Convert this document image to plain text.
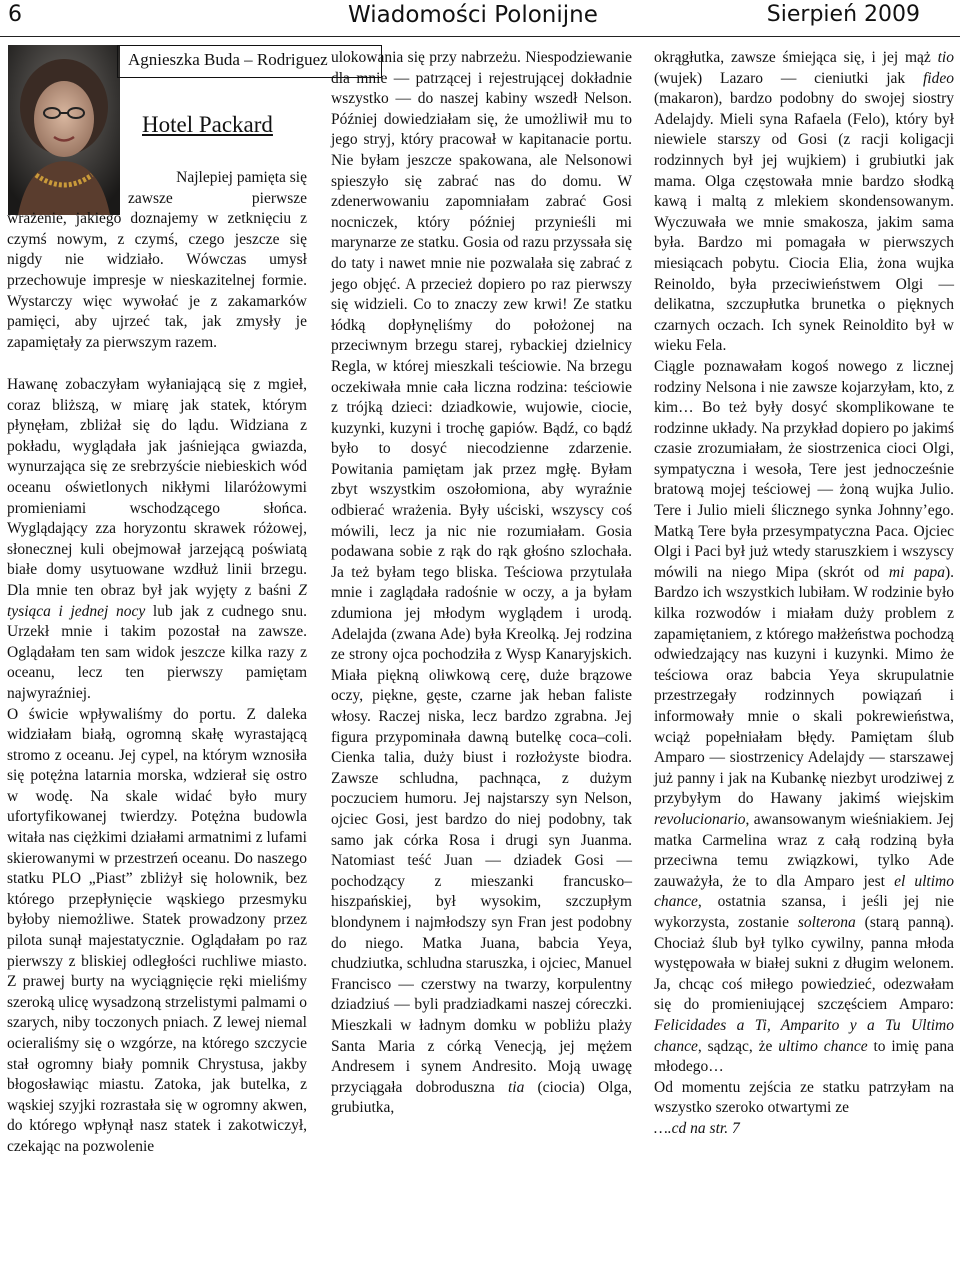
6	Wiadomości Polonijne	Sierpień 2009
Agnieszka Buda – Rodriguez
Hotel Packard
Najlepiej pamięta się
zawsze pierwsze
wrażenie, jakiego doznajemy w zetknięciu z czymś nowym, z czymś, czego jeszcze się nigdy nie widziało. Wówczas umysł przechowuje impresje w nieskazitelnej formie. Wystarczy więc wywołać je z zakamarków pamięci, aby ujrzeć tak, jak zmysły je zapamiętały za pierwszym razem.

Hawanę zobaczyłam wyłaniającą się z mgieł, coraz bliższą, w miarę jak statek, którym płynęłam, zbliżał się do lądu. Widziana z pokładu, wyglądała jak jaśniejąca gwiazda, wynurzająca się ze srebrzyście niebieskich wód oceanu oświetlonych nikłymi lilaróżowymi promieniami wschodzącego słońca. Wyglądający zza horyzontu skrawek różowej, słonecznej kuli obejmował jarzejącą poświatą białe domy usytuowane wzdłuż linii brzegu. Dla mnie ten obraz był jak wyjęty z baśni Z tysiąca i jednej nocy lub jak z cudnego snu. Urzekł mnie i takim pozostał na zawsze. Oglądałam ten sam widok jeszcze kilka razy z oceanu, lecz ten pierwszy pamiętam najwyraźniej.

O świcie wpływaliśmy do portu. Z daleka widziałam białą, ogromną skałę wyrastającą stromo z oceanu. Jej cypel, na którym wznosiła się potężna latarnia morska, wdzierał się ostro w wodę. Na skale widać było mury ufortyfikowanej twierdzy. Potężna budowla witała nas ciężkimi działami armatnimi z lufami skierowanymi w przestrzeń oceanu. Do naszego statku PLO „Piast” zbliżył się holownik, bez którego przepłynięcie wąskiego przesmyku byłoby niemożliwe. Statek prowadzony przez pilota sunął majestatycznie. Oglądałam po raz pierwszy z bliskiej odległości ruchliwe miasto. Z prawej burty na wyciągnięcie ręki mieliśmy szeroką ulicę wysadzoną strzelistymi palmami o szarych, niby toczonych pniach. Z lewej niemal ocieraliśmy się o wzgórze, na którego szczycie stał ogromny biały pomnik Chrystusa, jakby błogosławiąc miastu. Zatoka, jak butelka, z wąskiej szyjki rozrastała się w ogromny akwen, do którego wpłynął nasz statek i zakotwiczył, czekając na pozwolenie

ulokowania się przy nabrzeżu. Niespodziewanie dla mnie — patrzącej i rejestrującej dokładnie wszystko — do naszej kabiny wszedł Nelson. Później dowiedziałam się, że umożliwił mu to jego stryj, który pracował w kapitanacie portu. Nie byłam jeszcze spakowana, ale Nelsonowi spieszyło się zabrać nas do domu. W zdenerwowaniu zapomniałam zabrać Gosi nocniczek, który później przynieśli mi marynarze ze statku. Gosia od razu przyssała się do taty i nawet mnie nie pozwalała się zabrać z jego objęć. A przecież dopiero po raz pierwszy się widzieli. Co to znaczy zew krwi! Ze statku łódką dopłynęliśmy do położonej na przeciwnym brzegu starej, rybackiej dzielnicy Regla, w której mieszkali teściowie. Na brzegu oczekiwała mnie cała liczna rodzina: teściowie z trójką dzieci: dziadkowie, wujowie, ciocie, kuzynki, kuzyni i trochę gapiów. Bądź, co bądź było to dosyć niecodzienne zdarzenie. Powitania pamiętam jak przez mgłę. Byłam zbyt wszystkim oszołomiona, aby wyraźnie odbierać wrażenia. Były uściski, wszyscy coś mówili, lecz ja nic nie rozumiałam. Gosia podawana sobie z rąk do rąk głośno szlochała. Ja też byłam tego bliska. Teściowa przytulała mnie i zaglądała radośnie w oczy, a ja byłam zdumiona jej młodym wyglądem i urodą. Adelajda (zwana Ade) była Kreolką. Jej rodzina ze strony ojca pochodziła z Wysp Kanaryjskich. Miała piękną oliwkową cerę, duże brązowe oczy, piękne, gęste, czarne jak heban faliste włosy. Raczej niska, lecz bardzo zgrabna. Jej figura przypominała dawną butelkę coca–coli. Cienka talia, duży biust i rozłożyste biodra. Zawsze schludna, pachnąca, z dużym poczuciem humoru. Jej najstarszy syn Nelson, ojciec Gosi, jest bardzo do niej podobny, tak samo jak córka Rosa i drugi syn Juanma. Natomiast teść Juan — dziadek Gosi — pochodzący z mieszanki francusko–hiszpańskiej, był wysokim, szczupłym blondynem i najmłodszy syn Fran jest podobny do niego. Matka Juana, babcia Yeya, chudziutka, schludna staruszka, i ojciec, Manuel Francisco — czerstwy na twarzy, korpulentny dziadziuś — byli pradziadkami naszej córeczki. Mieszkali w ładnym domku w pobliżu plaży Santa Maria z córką Venecją, jej mężem Andresem i synem Andresito. Moją uwagę przyciągała dobroduszna tia (ciocia) Olga, grubiutka,

okrągłutka, zawsze śmiejąca się, i jej mąż tio (wujek) Lazaro — cieniutki jak fideo (makaron), bardzo podobny do swojej siostry Adelajdy. Mieli syna Rafaela (Felo), który był niewiele starszy od Gosi (z racji koligacji rodzinnych był jej wujkiem) i grubiutki jak mama. Olga częstowała mnie bardzo słodką kawą i maltą z mlekiem skondensowanym. Wyczuwała we mnie smakosza, jakim sama była. Bardzo mi pomagała w pierwszych miesiącach pobytu. Ciocia Elia, żona wujka Reinoldo, była przeciwieństwem Olgi — delikatna, szczupłutka brunetka o pięknych czarnych oczach. Ich synek Reinoldito był w wieku Fela.

Ciągle poznawałam kogoś nowego z licznej rodziny Nelsona i nie zawsze kojarzyłam, kto, z kim… Bo też były dosyć skomplikowane te rodzinne układy. Na przykład dopiero po jakimś czasie zrozumiałam, że siostrzenica cioci Olgi, sympatyczna i wesoła, Tere jest jednocześnie bratową mojej teściowej — żoną wujka Julio. Tere i Julio mieli ślicznego synka Johnny’ego. Matką Tere była przesympatyczna Paca. Ojciec Olgi i Paci był już wtedy staruszkiem i wszyscy mówili na niego Mipa (skrót od mi papa). Bardzo ich wszystkich lubiłam. W rodzinie było kilka rozwodów i miałam duży problem z zapamiętaniem, z którego małżeństwa pochodzą odwiedzający nas kuzyni i kuzynki. Mimo że teściowa oraz babcia Yeya skrupulatnie przestrzegały rodzinnych powiązań i informowały mnie o skali pokrewieństwa, wciąż popełniałam błędy. Pamiętam ślub Amparo — siostrzenicy Adelajdy — starszawej już panny i jak na Kubankę niezbyt urodziwej z przybyłym do Hawany jakimś wiejskim revolucionario, awansowanym wieśniakiem. Jej matka Carmelina wraz z całą rodziną była przeciwna temu związkowi, tylko Ade zauważyła, że to dla Amparo jest el ultimo chance, ostatnia szansa, i jeśli jej nie wykorzysta, zostanie solterona (starą panną). Chociaż ślub był tylko cywilny, panna młoda występowała w białej sukni z długim welonem. Ja, chcąc coś miłego powiedzieć, odezwałam się do promieniującej szczęściem Amparo: Felicidades a Ti, Amparito y a Tu Ultimo chance, sądząc, że ultimo chance to imię pana młodego…

Od momentu zejścia ze statku patrzyłam na wszystko szeroko otwartymi ze

….cd na str. 7
